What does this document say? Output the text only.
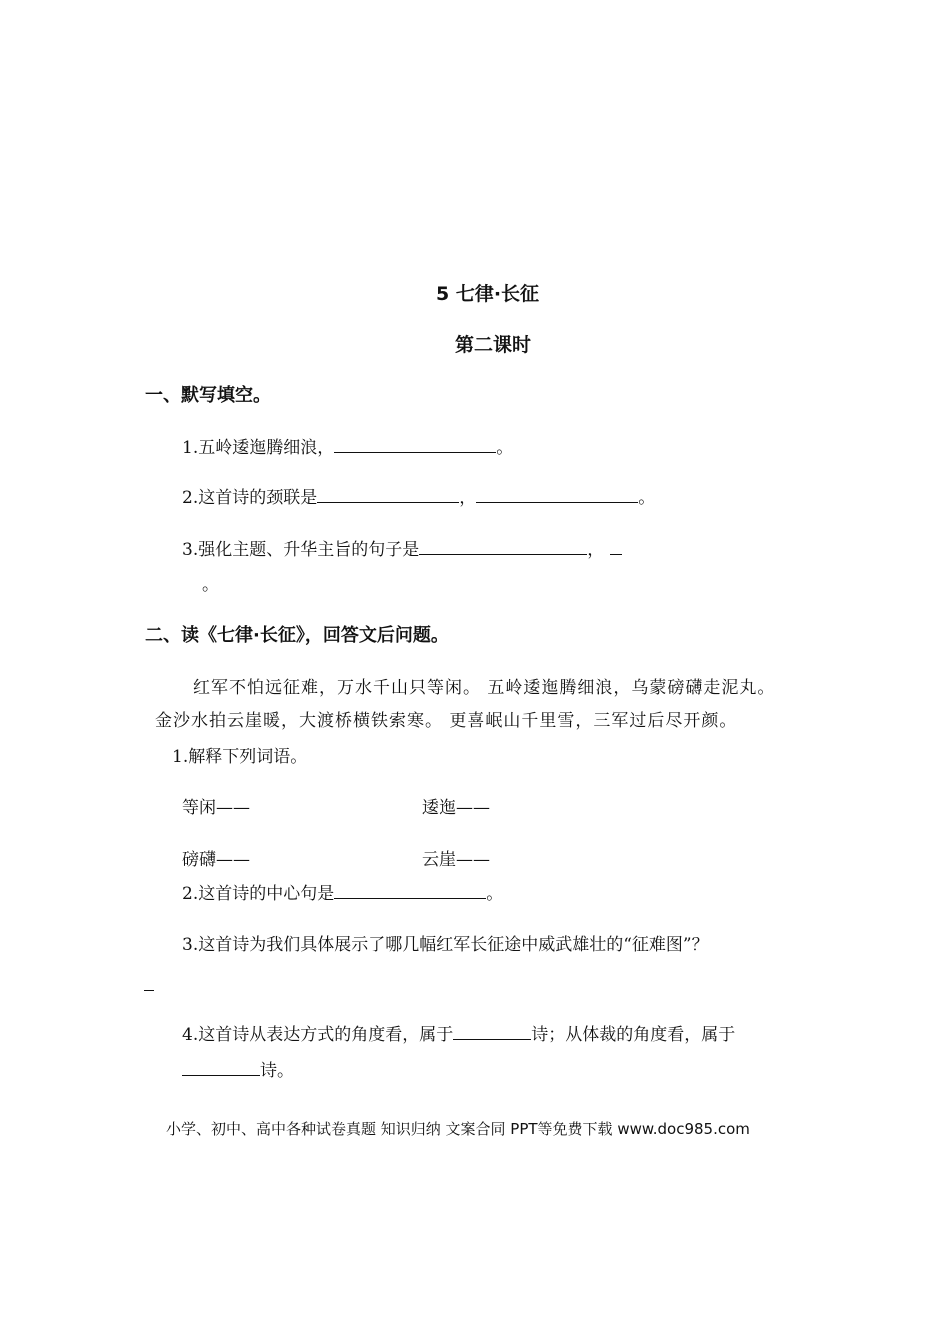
5 七律·长征
第二课时
一、默写填空。
1.五岭逶迤腾细浪，	。
2.这首诗的颈联是	，	。
3.强化主题、升华主旨的句子是	，
。
二、读《七律·长征》，回答文后问题。
红军不怕远征难，万水千山只等闲。 五岭逶迤腾细浪，乌蒙磅礴走泥丸。
金沙水拍云崖暖，大渡桥横铁索寒。 更喜岷山千里雪，三军过后尽开颜。
1.解释下列词语。
等闲——	逶迤——
磅礴——	云崖——
2.这首诗的中心句是	。
3.这首诗为我们具体展示了哪几幅红军长征途中威武雄壮的“征难图”？
4.这首诗从表达方式的角度看，属于	诗；从体裁的角度看，属于
诗。
小学、初中、高中各种试卷真题 知识归纳 文案合同 PPT等免费下载 www.doc985.com
